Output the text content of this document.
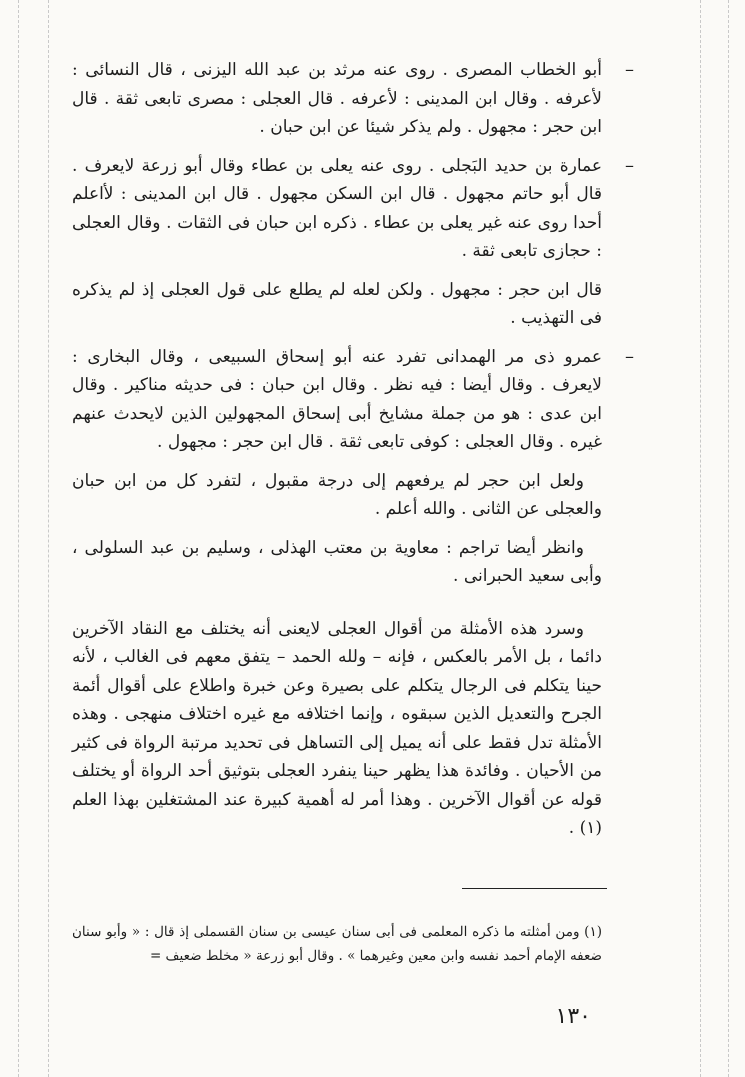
–
أبو الخطاب المصرى . روى عنه مرثد بن عبد الله اليزنى ، قال النسائى : لأعرفه . وقال ابن المدينى : لأعرفه . قال العجلى : مصرى تابعى ثقة . قال ابن حجر : مجهول . ولم يذكر شيئا عن ابن حبان .
–
عمارة بن حديد البَجلى . روى عنه يعلى بن عطاء وقال أبو زرعة لايعرف . قال أبو حاتم مجهول . قال ابن السكن مجهول . قال ابن المدينى : لأاعلم أحدا روى عنه غير يعلى بن عطاء . ذكره ابن حبان فى الثقات . وقال العجلى : حجازى تابعى ثقة .
قال ابن حجر : مجهول . ولكن لعله لم يطلع على قول العجلى إذ لم يذكره فى التهذيب .
–
عمرو ذى مر الهمدانى تفرد عنه أبو إسحاق السبيعى ، وقال البخارى : لايعرف . وقال أيضا : فيه نظر . وقال ابن حبان : فى حديثه مناكير . وقال ابن عدى : هو من جملة مشايخ أبى إسحاق المجهولين الذين لايحدث عنهم غيره . وقال العجلى : كوفى تابعى ثقة . قال ابن حجر : مجهول .
ولعل ابن حجر لم يرفعهم إلى درجة مقبول ، لتفرد كل من ابن حبان والعجلى عن الثانى . والله أعلم .
وانظر أيضا تراجم : معاوية بن معتب الهذلى ، وسليم بن عبد السلولى ، وأبى سعيد الحبرانى .
وسرد هذه الأمثلة من أقوال العجلى لايعنى أنه يختلف مع النقاد الآخرين دائما ، بل الأمر بالعكس ، فإنه – ولله الحمد – يتفق معهم فى الغالب ، لأنه حينا يتكلم فى الرجال يتكلم على بصيرة وعن خبرة واطلاع على أقوال أئمة الجرح والتعديل الذين سبقوه ، وإنما اختلافه مع غيره اختلاف منهجى . وهذه الأمثلة تدل فقط على أنه يميل إلى التساهل فى تحديد مرتبة الرواة فى كثير من الأحيان . وفائدة هذا يظهر حينا ينفرد العجلى بتوثيق أحد الرواة أو يختلف قوله عن أقوال الآخرين . وهذا أمر له أهمية كبيرة عند المشتغلين بهذا العلم (١) .
(١) ومن أمثلته ما ذكره المعلمى فى أبى سنان عيسى بن سنان القسملى إذ قال : « وأبو سنان ضعفه الإمام أحمد نفسه وابن معين وغيرهما » . وقال أبو زرعة « مخلط ضعيف =
١٣٠
